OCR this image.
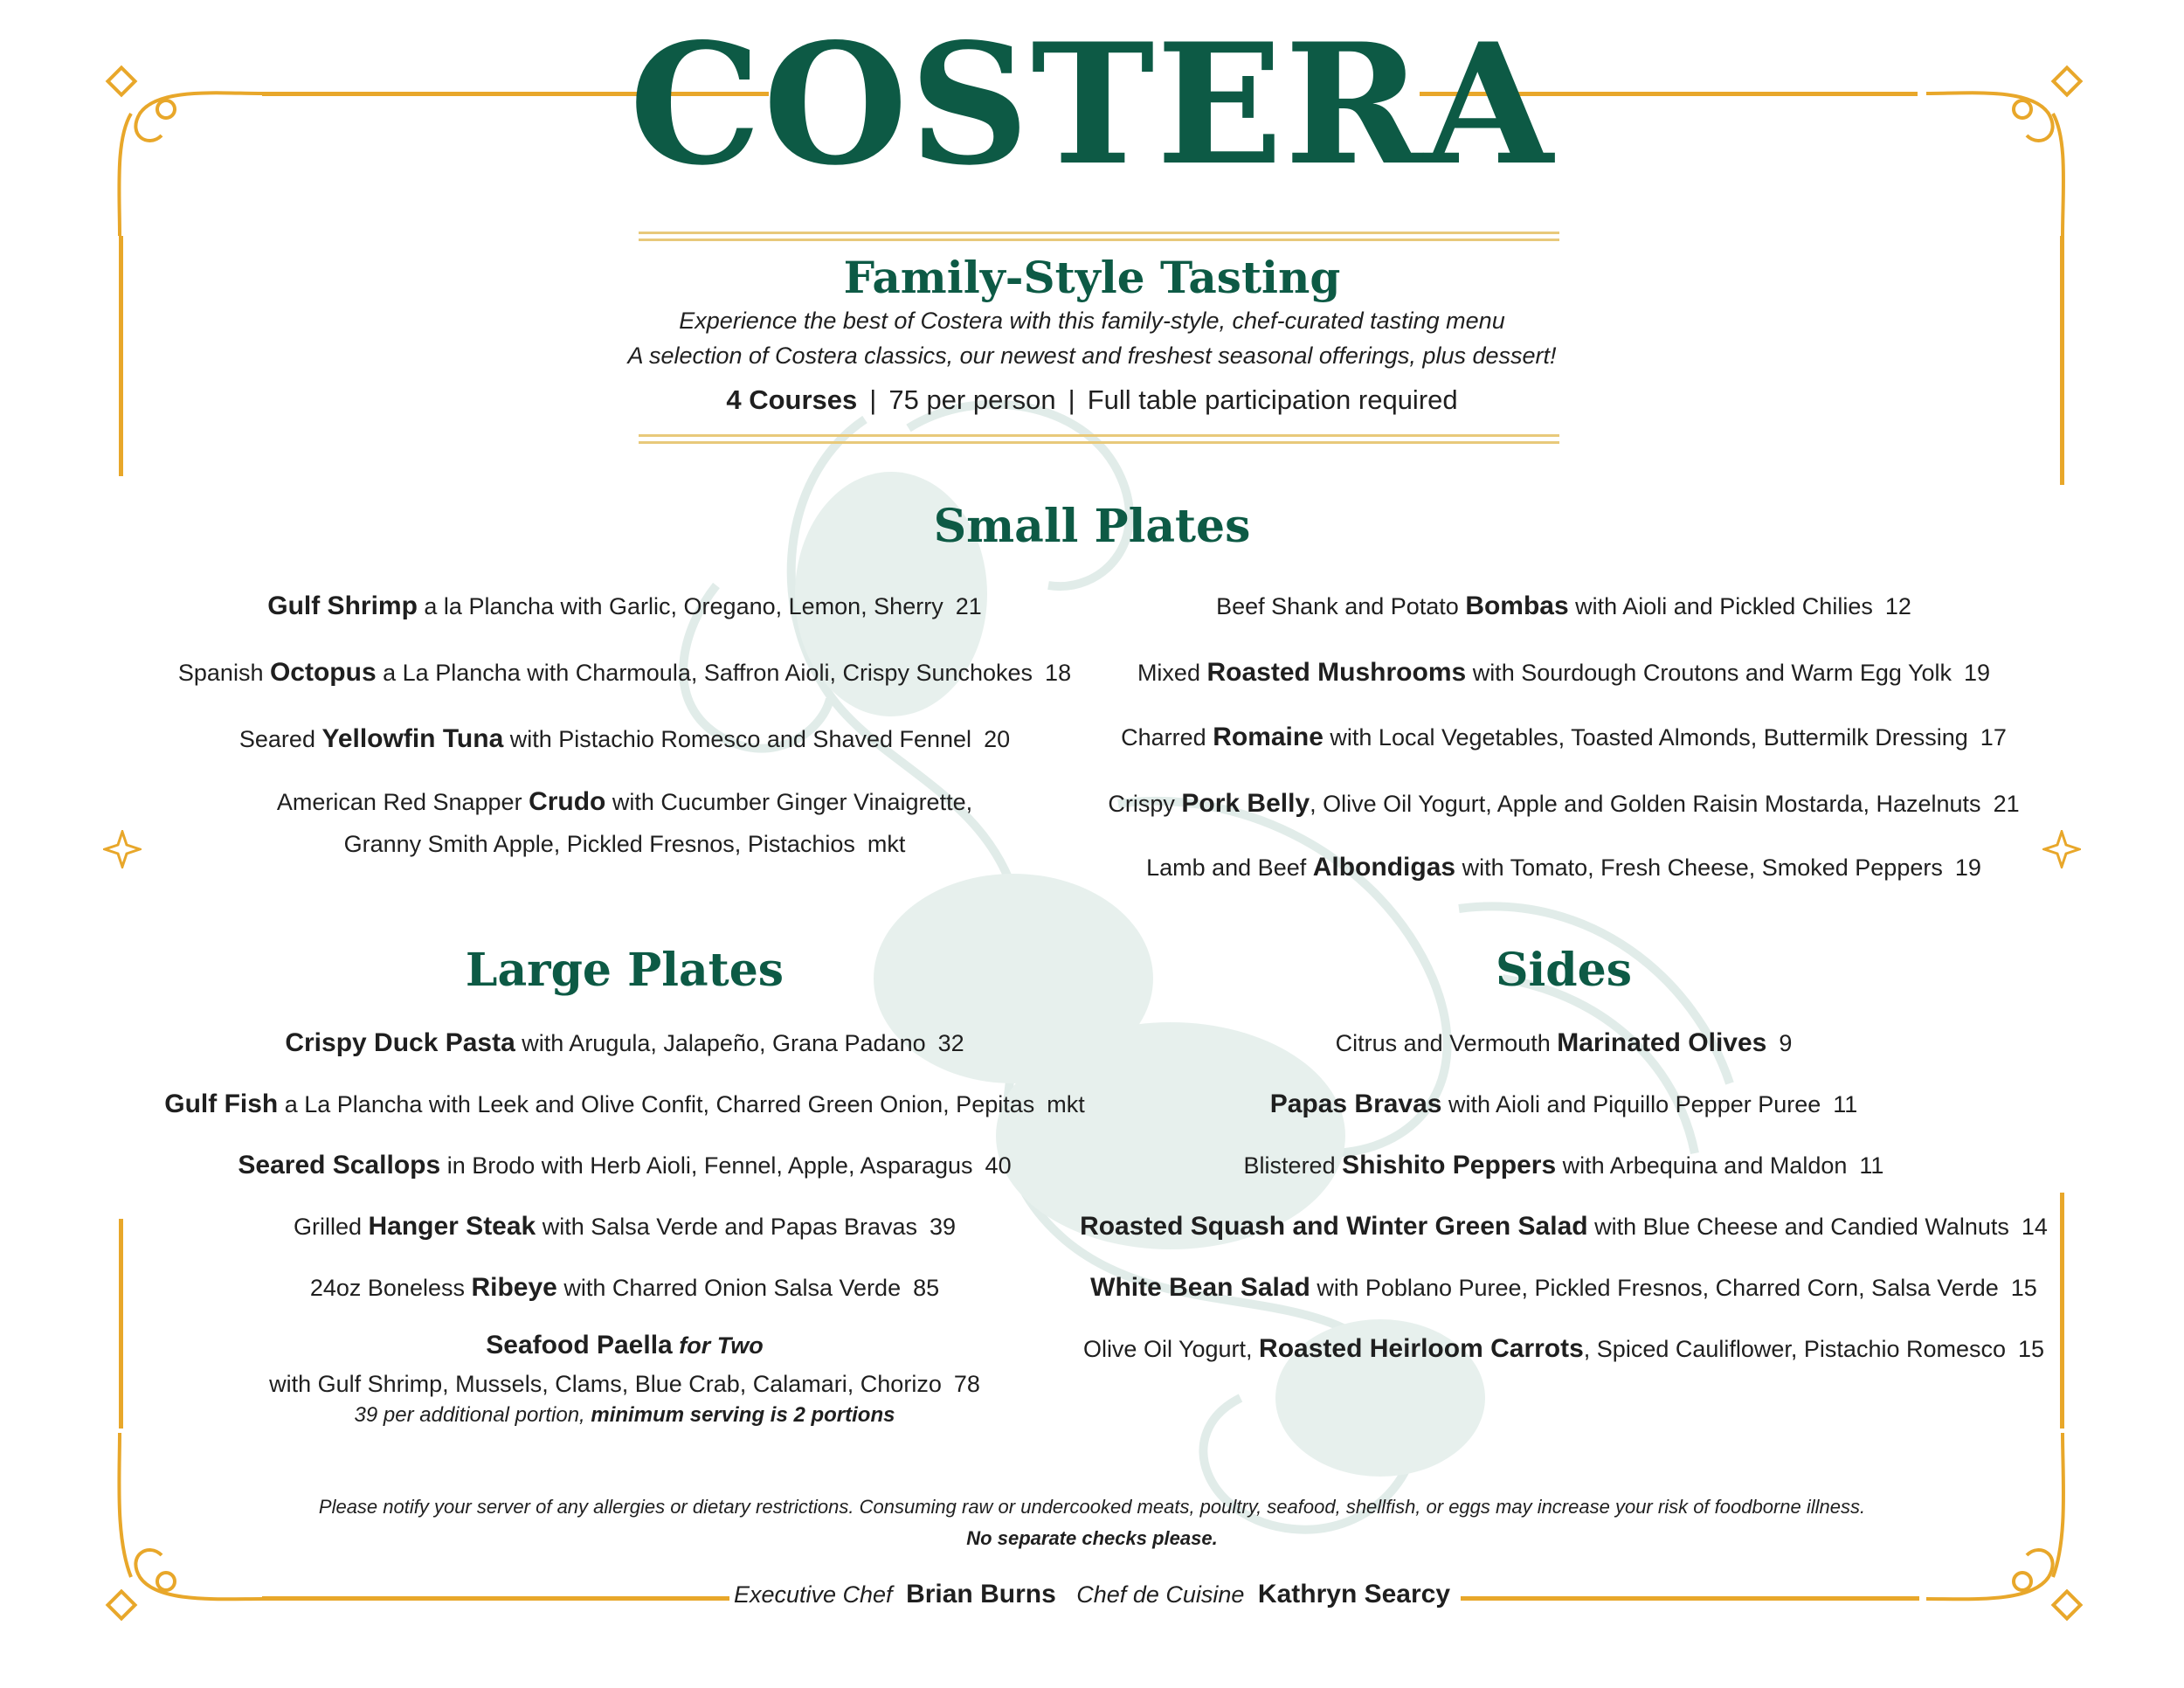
COSTERA
Family-Style Tasting
Experience the best of Costera with this family-style, chef-curated tasting menu
A selection of Costera classics, our newest and freshest seasonal offerings, plus dessert!
4 Courses | 75 per person | Full table participation required
Small Plates
Gulf Shrimp a la Plancha with Garlic, Oregano, Lemon, Sherry 21
Spanish Octopus a La Plancha with Charmoula, Saffron Aioli, Crispy Sunchokes 18
Seared Yellowfin Tuna with Pistachio Romesco and Shaved Fennel 20
American Red Snapper Crudo with Cucumber Ginger Vinaigrette,
Granny Smith Apple, Pickled Fresnos, Pistachios mkt
Beef Shank and Potato Bombas with Aioli and Pickled Chilies 12
Mixed Roasted Mushrooms with Sourdough Croutons and Warm Egg Yolk 19
Charred Romaine with Local Vegetables, Toasted Almonds, Buttermilk Dressing 17
Crispy Pork Belly, Olive Oil Yogurt, Apple and Golden Raisin Mostarda, Hazelnuts 21
Lamb and Beef Albondigas with Tomato, Fresh Cheese, Smoked Peppers 19
Large Plates
Crispy Duck Pasta with Arugula, Jalapeño, Grana Padano 32
Gulf Fish a La Plancha with Leek and Olive Confit, Charred Green Onion, Pepitas mkt
Seared Scallops in Brodo with Herb Aioli, Fennel, Apple, Asparagus 40
Grilled Hanger Steak with Salsa Verde and Papas Bravas 39
24oz Boneless Ribeye with Charred Onion Salsa Verde 85
Seafood Paella for Two
with Gulf Shrimp, Mussels, Clams, Blue Crab, Calamari, Chorizo 78
39 per additional portion, minimum serving is 2 portions
Sides
Citrus and Vermouth Marinated Olives 9
Papas Bravas with Aioli and Piquillo Pepper Puree 11
Blistered Shishito Peppers with Arbequina and Maldon 11
Roasted Squash and Winter Green Salad with Blue Cheese and Candied Walnuts 14
White Bean Salad with Poblano Puree, Pickled Fresnos, Charred Corn, Salsa Verde 15
Olive Oil Yogurt, Roasted Heirloom Carrots, Spiced Cauliflower, Pistachio Romesco 15
Please notify your server of any allergies or dietary restrictions. Consuming raw or undercooked meats, poultry, seafood, shellfish, or eggs may increase your risk of foodborne illness.
No separate checks please.
Executive Chef Brian Burns Chef de Cuisine Kathryn Searcy
